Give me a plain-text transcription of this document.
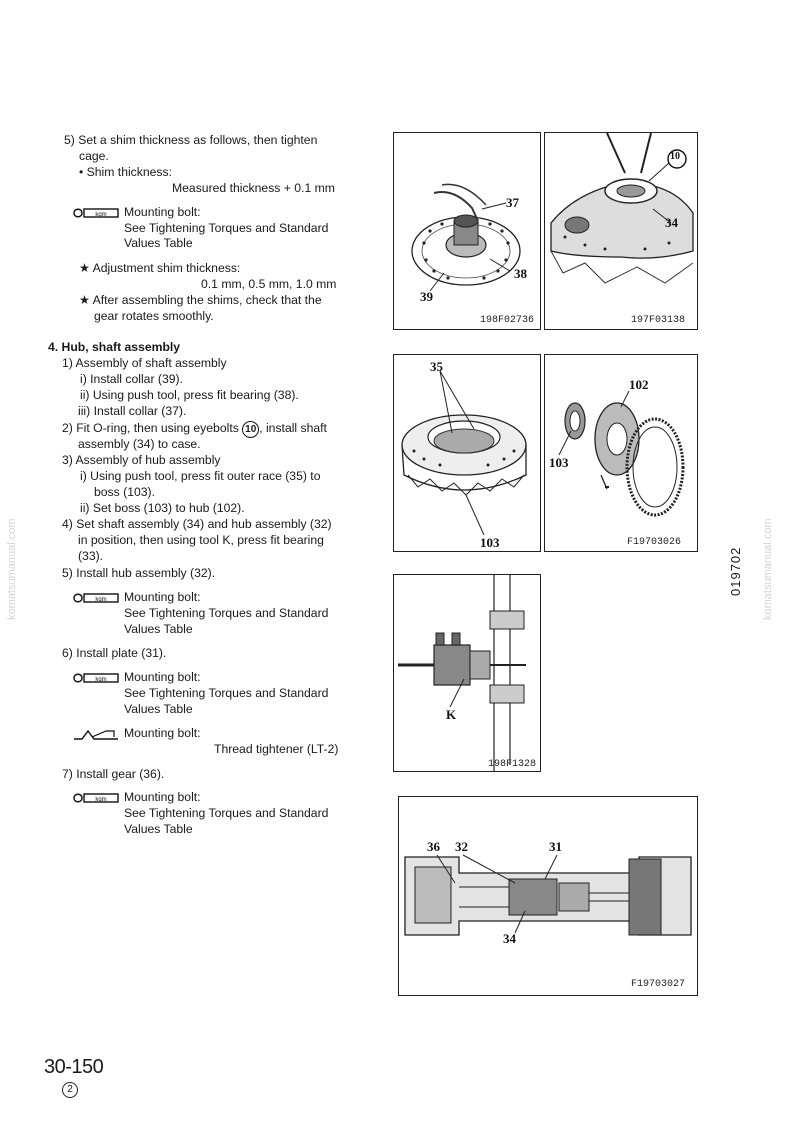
komatsumanual.com	komatsumanual.com
019702
5) Set a shim thickness as follows, then tighten
cage.
• Shim thickness:
Measured thickness + 0.1 mm
kgm Mounting bolt:
See Tightening Torques and Standard
Values Table
★ Adjustment shim thickness:
0.1 mm, 0.5 mm, 1.0 mm
★ After assembling the shims, check that the
gear rotates smoothly.
4. Hub, shaft assembly
1) Assembly of shaft assembly
i) Install collar (39).
ii) Using push tool, press fit bearing (38).
iii) Install collar (37).
2) Fit O-ring, then using eyebolts 10 , install shaft
assembly (34) to case.
3) Assembly of hub assembly
i) Using push tool, press fit outer race (35) to
boss (103).
ii) Set boss (103) to hub (102).
4) Set shaft assembly (34) and hub assembly (32)
in position, then using tool K, press fit bearing
(33).
5) Install hub assembly (32).
kgm Mounting bolt:
See Tightening Torques and Standard
Values Table
6) Install plate (31).
kgm Mounting bolt:
See Tightening Torques and Standard
Values Table
Mounting bolt:
Thread tightener (LT-2)
7) Install gear (36).
kgm Mounting bolt:
See Tightening Torques and Standard
Values Table
37
38
39
198F02736
10
34
197F03138
35
103
102
103
F19703026
K
198F1328
36 32	31
34
F19703027
30-150
2
